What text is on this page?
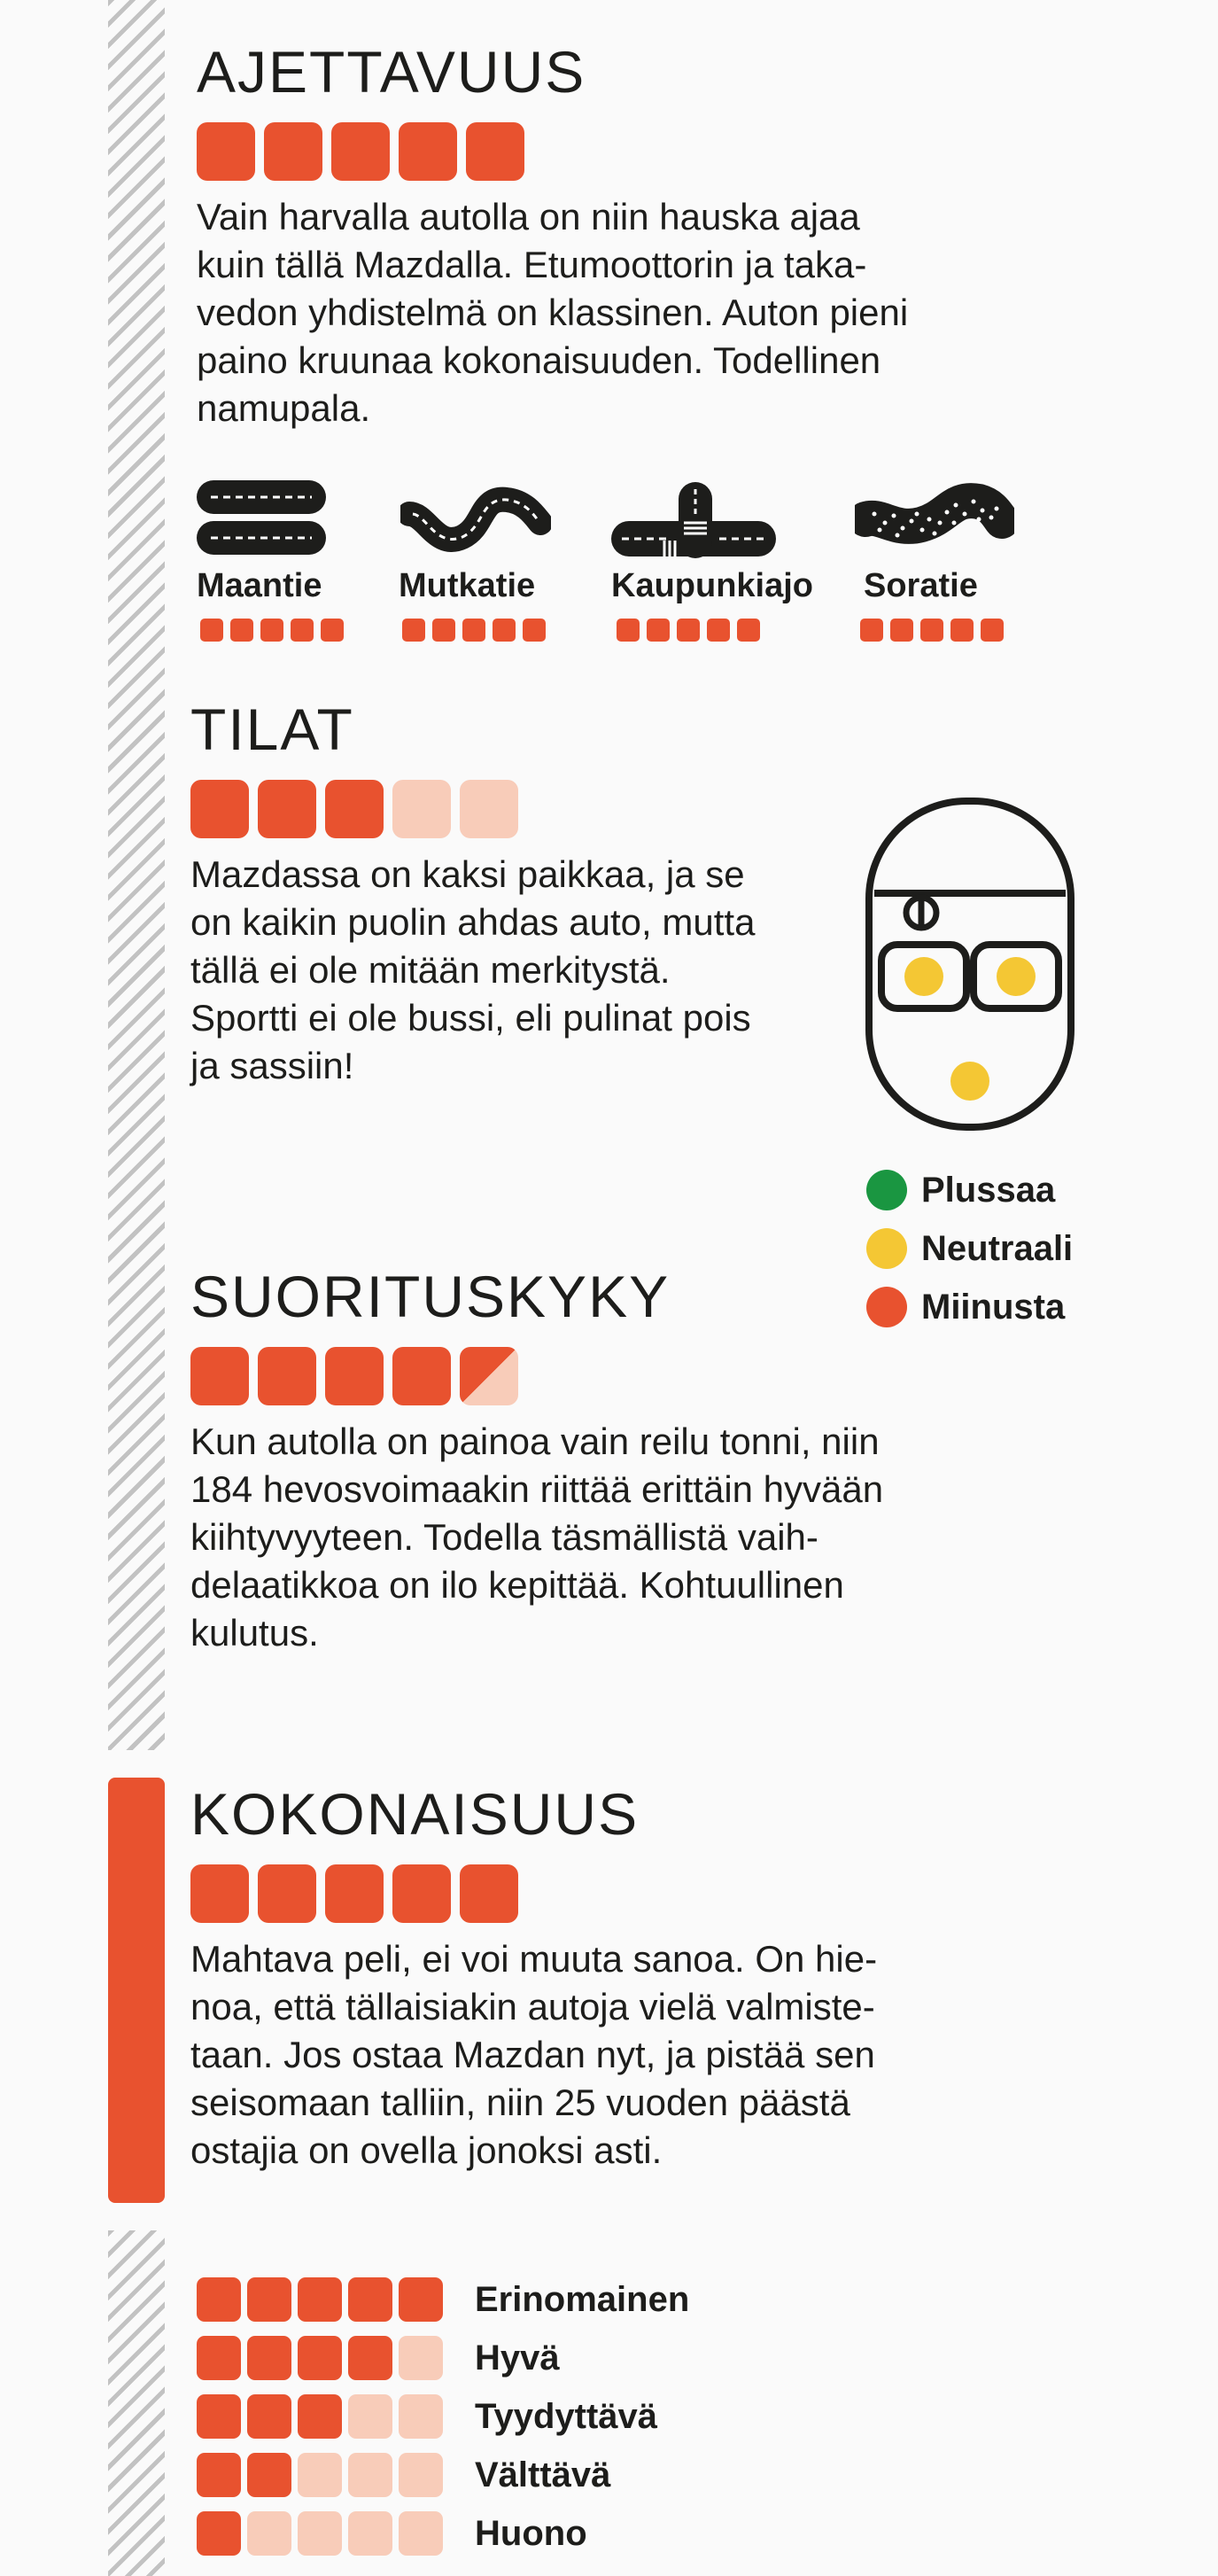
AJETTAVUUS
Vain harvalla autolla on niin hauska ajaa
kuin tällä Mazdalla. Etumoottorin ja taka-
vedon yhdistelmä on klassinen. Auton pieni
paino kruunaa kokonaisuuden. Todellinen
namupala.
Maantie Mutkatie Kaupunkiajo Soratie
TILAT
Mazdassa on kaksi paikkaa, ja se
on kaikin puolin ahdas auto, mutta
tällä ei ole mitään merkitystä.
Sportti ei ole bussi, eli pulinat pois
ja sassiin!
Plussaa
Neutraali
Miinusta
SUORITUSKYKY
Kun autolla on painoa vain reilu tonni, niin
184 hevosvoimaakin riittää erittäin hyvään
kiihtyvyyteen. Todella täsmällistä vaih-
delaatikkoa on ilo kepittää. Kohtuullinen
kulutus.
KOKONAISUUS
Mahtava peli, ei voi muuta sanoa. On hie-
noa, että tällaisiakin autoja vielä valmiste-
taan. Jos ostaa Mazdan nyt, ja pistää sen
seisomaan talliin, niin 25 vuoden päästä
ostajia on ovella jonoksi asti.
Erinomainen
Hyvä
Tyydyttävä
Välttävä
Huono
